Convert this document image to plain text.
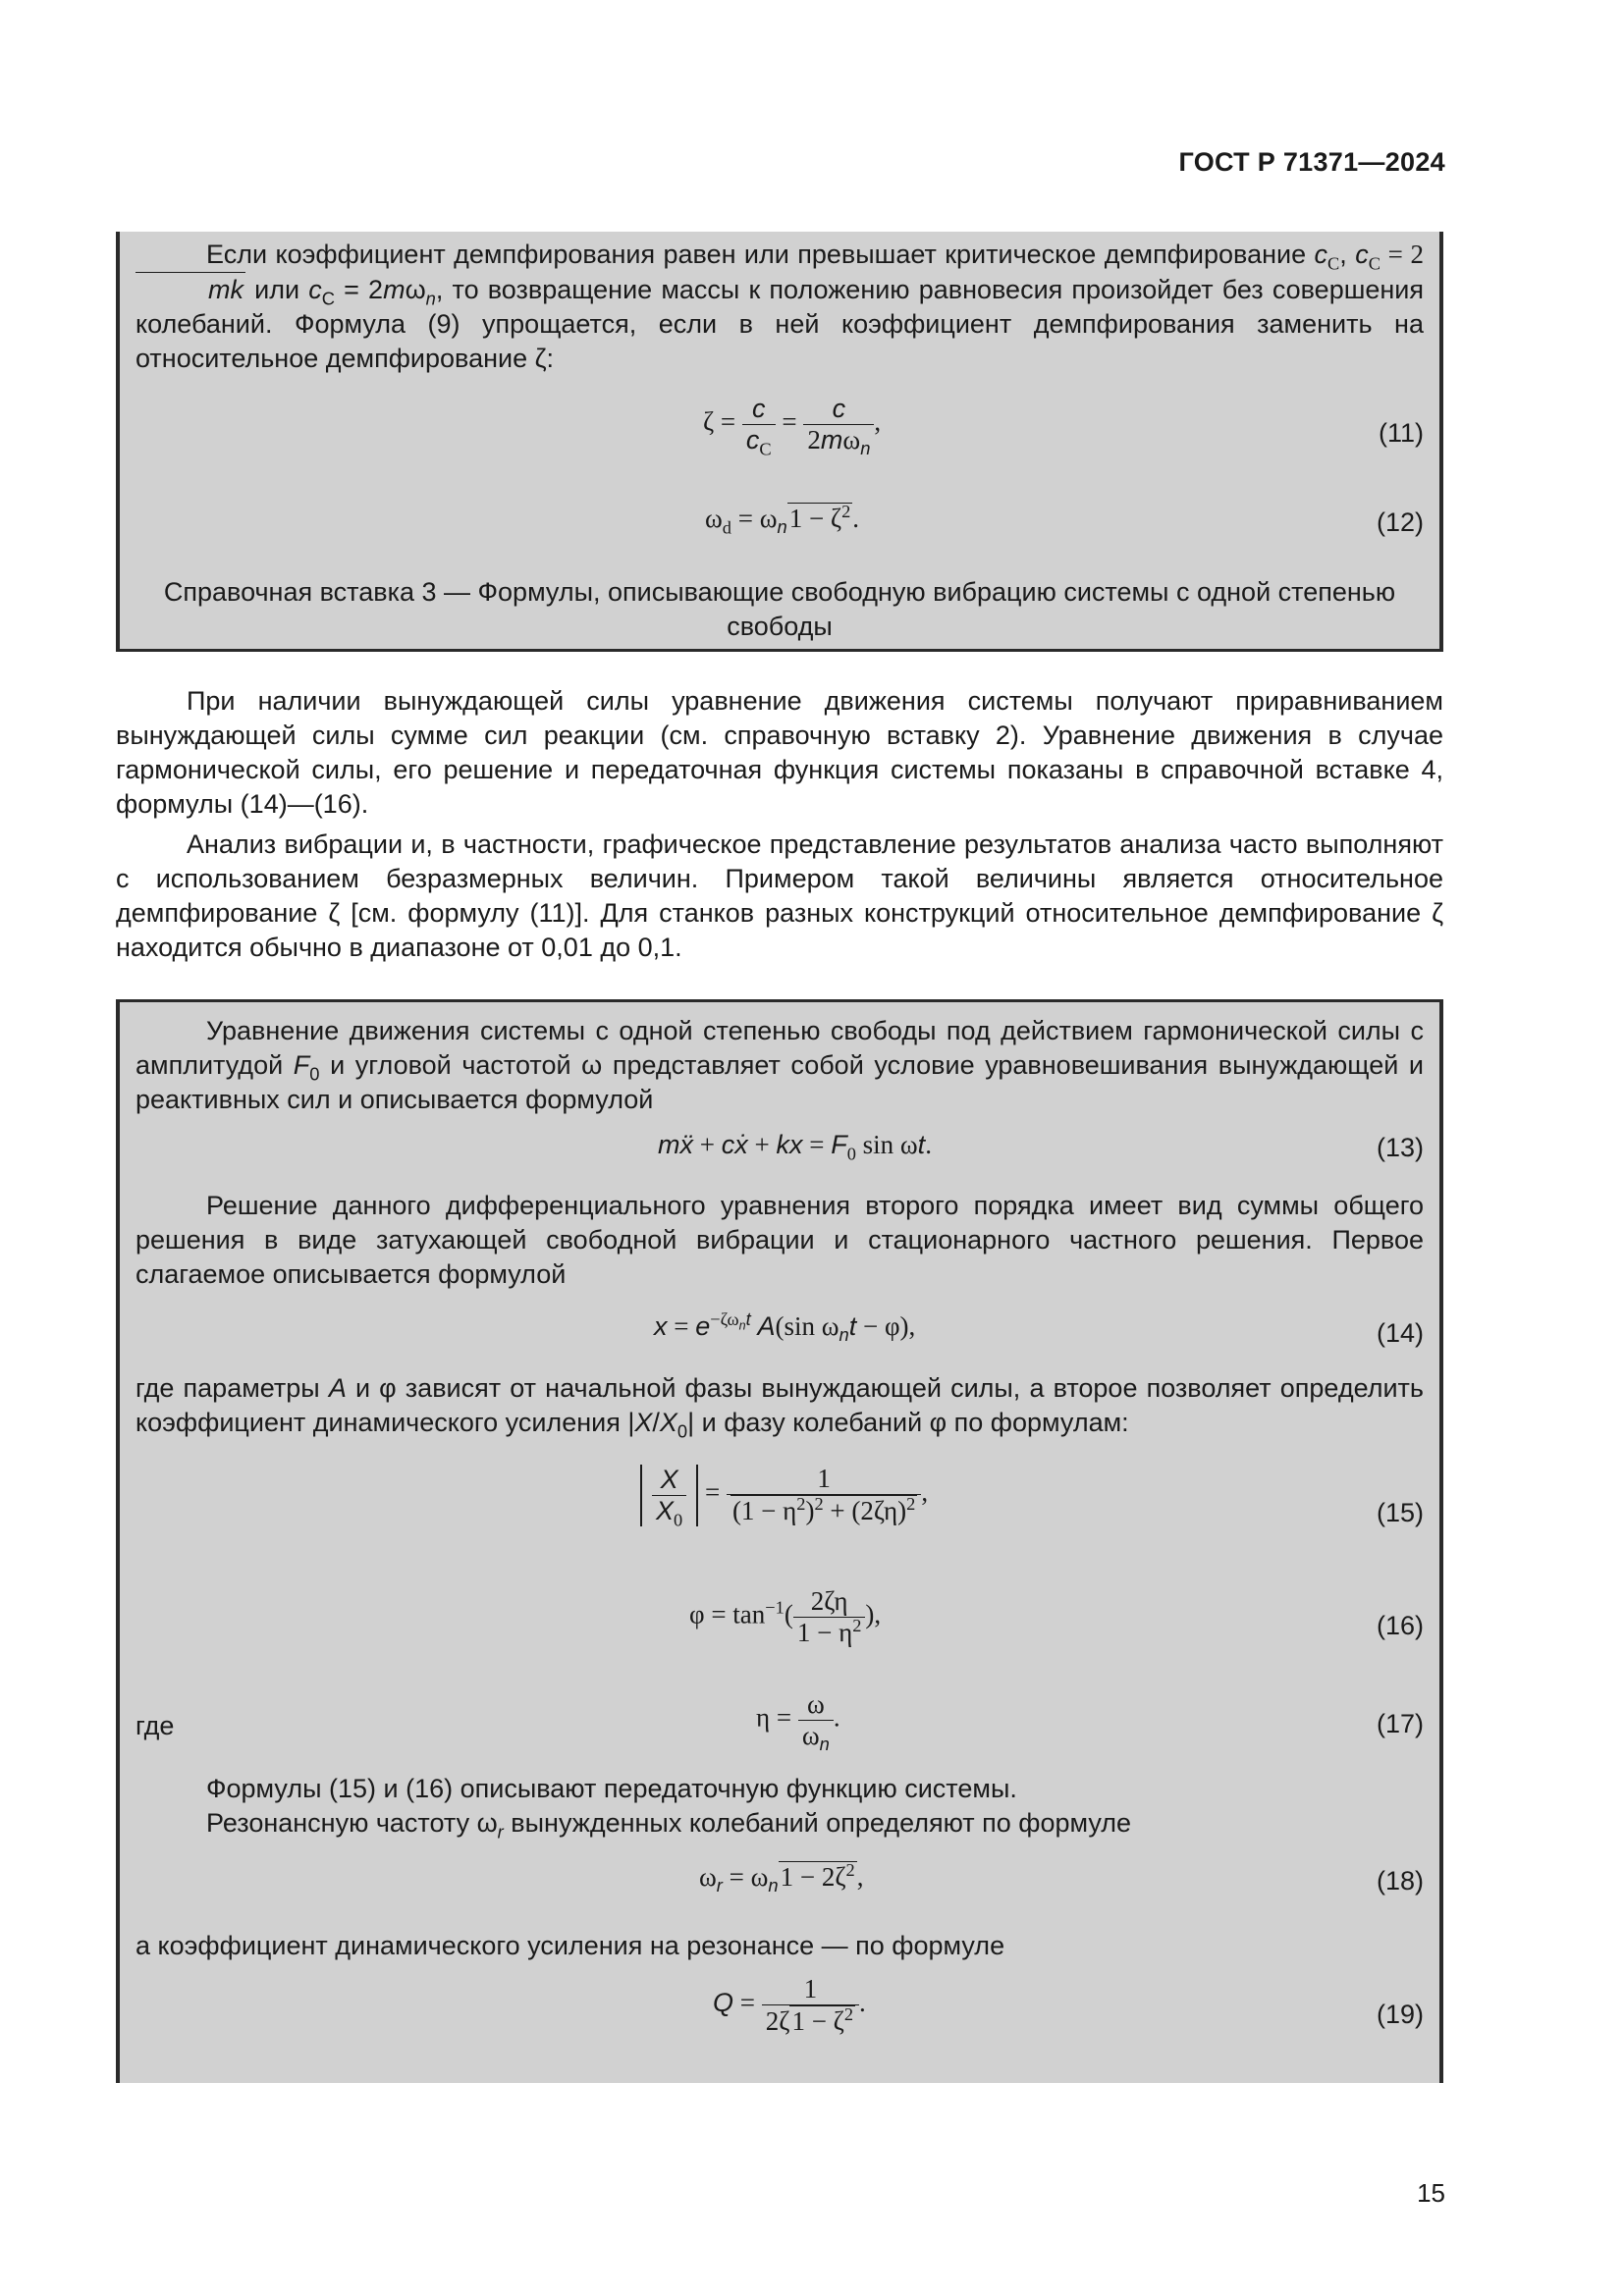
ГОСТ Р 71371—2024
Если коэффициент демпфирования равен или превышает критическое демпфирование $c_C$, $c_C = 2mk$ или $c_C = 2m\omega_n$, то возвращение массы к положению равновесия произойдет без совершения колебаний. Формула (9) упрощается, если в ней коэффициент демпфирования заменить на относительное демпфирование ζ:
$\zeta = \frac{c}{c_C} = \frac{c}{2m\omega_n}$ ,	(11)
$\omega_d = \omega_n1 - \zeta^2$.	(12)
Справочная вставка 3 — Формулы, описывающие свободную вибрацию системы с одной степенью свободы
При наличии вынуждающей силы уравнение движения системы получают приравниванием вынуждающей силы сумме сил реакции (см. справочную вставку 2). Уравнение движения в случае гармонической силы, его решение и передаточная функция системы показаны в справочной вставке 4, формулы (14)—(16).
Анализ вибрации и, в частности, графическое представление результатов анализа часто выполняют с использованием безразмерных величин. Примером такой величины является относительное демпфирование ζ [см. формулу (11)]. Для станков разных конструкций относительное демпфирование ζ находится обычно в диапазоне от 0,01 до 0,1.
Уравнение движения системы с одной степенью свободы под действием гармонической силы с амплитудой $F_0$ и угловой частотой ω представляет собой условие уравновешивания вынуждающей и реактивных сил и описывается формулой
mẍ + cẋ + kx = $F_0$ sin ωt.	(13)
Решение данного дифференциального уравнения второго порядка имеет вид суммы общего решения в виде затухающей свободной вибрации и стационарного частного решения. Первое слагаемое описывается формулой
$x = e^{-\zeta\omega_nt}$ A(sin $\omega_nt - \varphi$),	(14)
где параметры A и φ зависят от начальной фазы вынуждающей силы, а второе позволяет определить коэффициент динамического усиления $|X/X_0|$ и фазу колебаний φ по формулам:
$\frac{X}{X_0} = \frac{1}{(1 - \eta^2)^2 + (2\zeta\eta)^2}$ ,
(15)
$\varphi = \tan^{-1}( \frac{2\zeta\eta}{1 - \eta^2}$ ),	(16)
где	$\eta = \frac{\omega}{\omega_n}$ .	(17)
Формулы (15) и (16) описывают передаточную функцию системы.
Резонансную частоту $\omega_r$ вынужденных колебаний определяют по формуле
$\omega_r = \omega_n1 - 2\zeta^2$,	(18)
а коэффициент динамического усиления на резонансе — по формуле
$Q = \frac{1}{2\zeta 1 - \zeta^2}$ .	(19)
15
